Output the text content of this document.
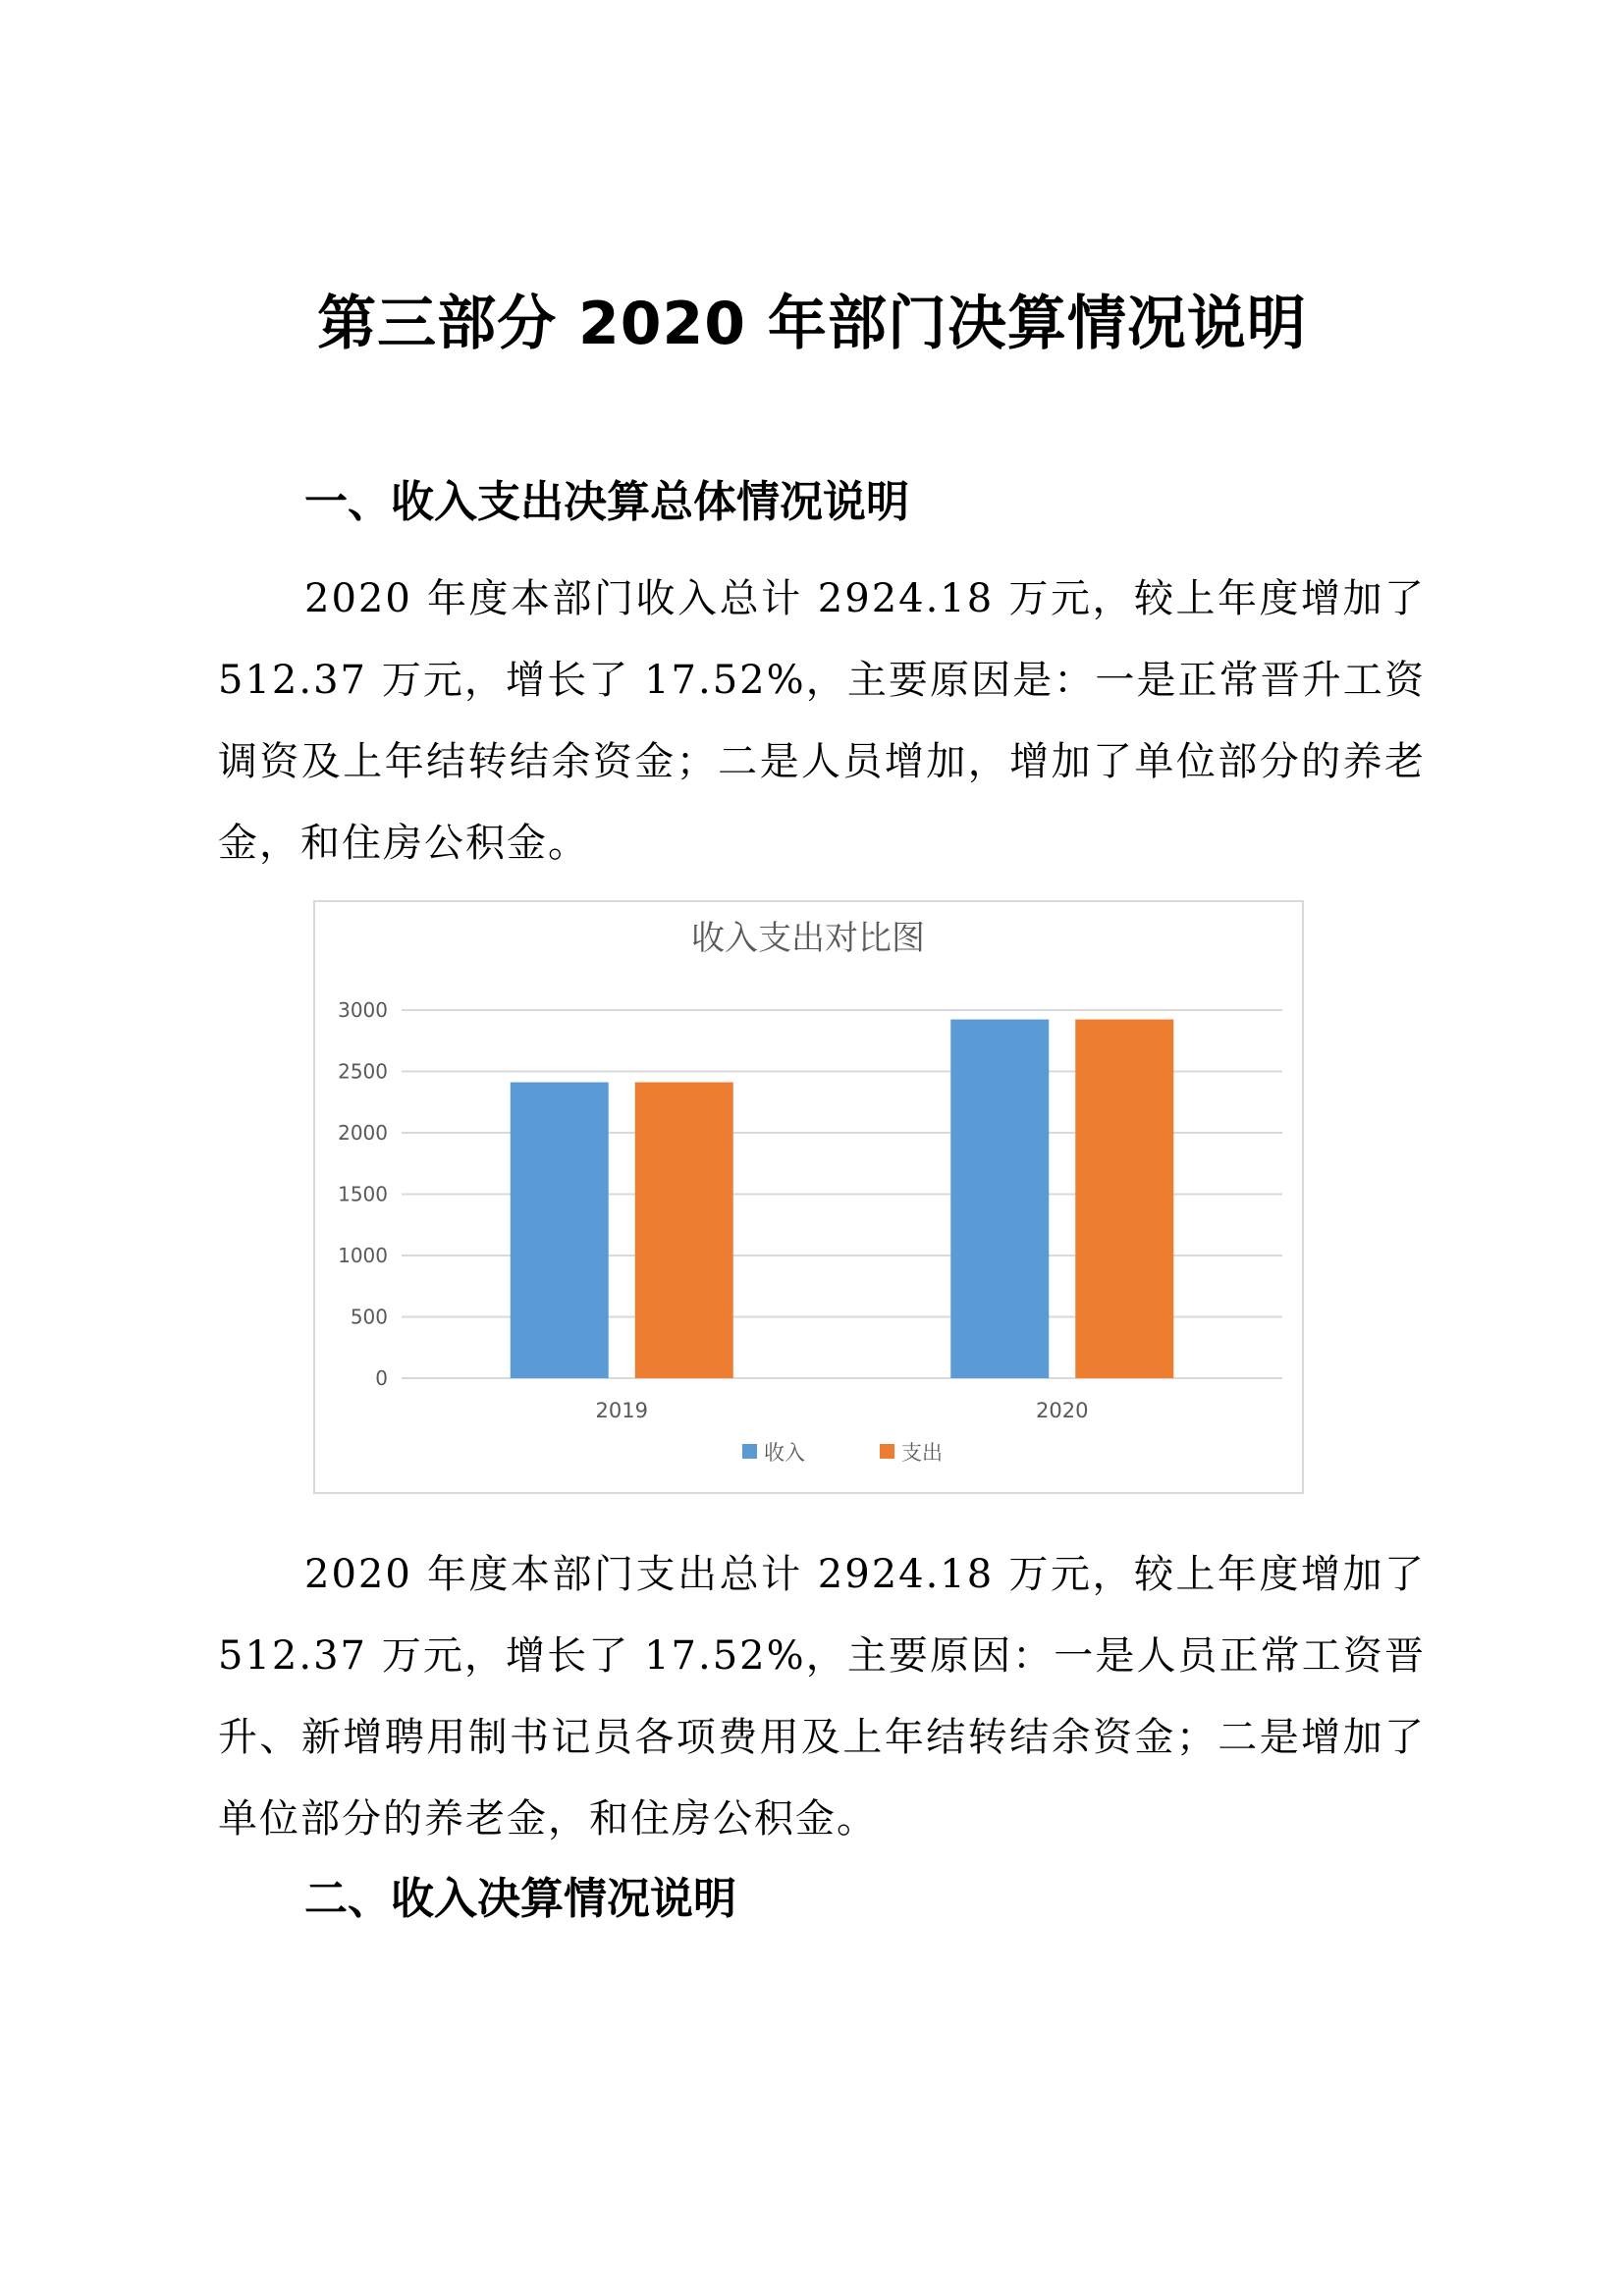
第三部分 2020 年部门决算情况说明
一、收入支出决算总体情况说明

2020 年度本部门收入总计 2924.18 万元，较上年度增加了 512.37 万元，增长了 17.52%，主要原因是：一是正常晋升工资调资及上年结转结余资金；二是人员增加，增加了单位部分的养老金，和住房公积金。

收入支出对比图
0
500
1000
1500
2000
2500
3000
2019	2020
收入	支出

2020 年度本部门支出总计 2924.18 万元，较上年度增加了 512.37 万元，增长了 17.52%，主要原因：一是人员正常工资晋升、新增聘用制书记员各项费用及上年结转结余资金；二是增加了单位部分的养老金，和住房公积金。

二、收入决算情况说明
